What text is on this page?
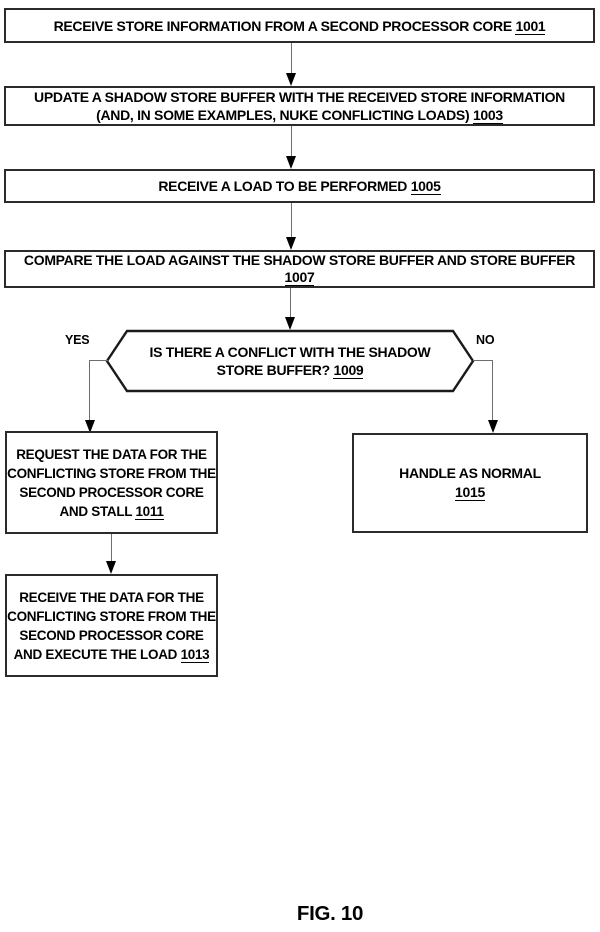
RECEIVE STORE INFORMATION FROM A SECOND PROCESSOR CORE 1001
UPDATE A SHADOW STORE BUFFER WITH THE RECEIVED STORE INFORMATION
(AND, IN SOME EXAMPLES, NUKE CONFLICTING LOADS) 1003
RECEIVE A LOAD TO BE PERFORMED 1005
COMPARE THE LOAD AGAINST THE SHADOW STORE BUFFER AND STORE BUFFER
1007
IS THERE A CONFLICT WITH THE SHADOW
STORE BUFFER? 1009
YES	NO
REQUEST THE DATA FOR THE
CONFLICTING STORE FROM THE
SECOND PROCESSOR CORE
AND STALL 1011
HANDLE AS NORMAL
1015
RECEIVE THE DATA FOR THE
CONFLICTING STORE FROM THE
SECOND PROCESSOR CORE
AND EXECUTE THE LOAD 1013
FIG. 10
